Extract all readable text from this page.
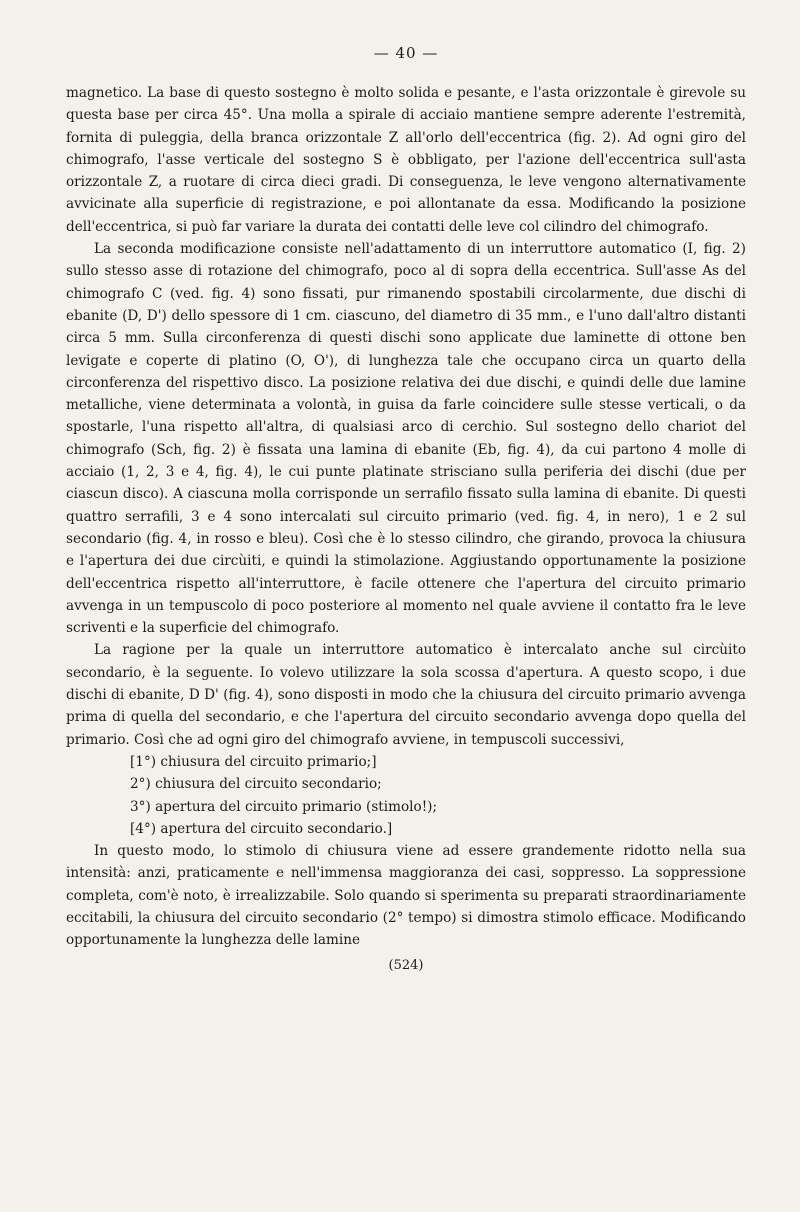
— 40 —

magnetico. La base di questo sostegno è molto solida e pesante, e l'asta orizzontale è girevole su questa base per circa 45°. Una molla a spirale di acciaio mantiene sempre aderente l'estremità, fornita di puleggia, della branca orizzontale Z all'orlo dell'eccentrica (fig. 2). Ad ogni giro del chimografo, l'asse verticale del sostegno S è obbligato, per l'azione dell'eccentrica sull'asta orizzontale Z, a ruotare di circa dieci gradi. Di conseguenza, le leve vengono alternativamente avvicinate alla superficie di registrazione, e poi allontanate da essa. Modificando la posizione dell'eccentrica, si può far variare la durata dei contatti delle leve col cilindro del chimografo.

La seconda modificazione consiste nell'adattamento di un interruttore automatico (I, fig. 2) sullo stesso asse di rotazione del chimografo, poco al di sopra della eccentrica. Sull'asse As del chimografo C (ved. fig. 4) sono fissati, pur rimanendo spostabili circolarmente, due dischi di ebanite (D, D') dello spessore di 1 cm. ciascuno, del diametro di 35 mm., e l'uno dall'altro distanti circa 5 mm. Sulla circonferenza di questi dischi sono applicate due laminette di ottone ben levigate e coperte di platino (O, O'), di lunghezza tale che occupano circa un quarto della circonferenza del rispettivo disco. La posizione relativa dei due dischi, e quindi delle due lamine metalliche, viene determinata a volontà, in guisa da farle coincidere sulle stesse verticali, o da spostarle, l'una rispetto all'altra, di qualsiasi arco di cerchio. Sul sostegno dello chariot del chimografo (Sch, fig. 2) è fissata una lamina di ebanite (Eb, fig. 4), da cui partono 4 molle di acciaio (1, 2, 3 e 4, fig. 4), le cui punte platinate strisciano sulla periferia dei dischi (due per ciascun disco). A ciascuna molla corrisponde un serrafilo fissato sulla lamina di ebanite. Di questi quattro serrafili, 3 e 4 sono intercalati sul circuito primario (ved. fig. 4, in nero), 1 e 2 sul secondario (fig. 4, in rosso e bleu). Così che è lo stesso cilindro, che girando, provoca la chiusura e l'apertura dei due circùiti, e quindi la stimolazione. Aggiustando opportunamente la posizione dell'eccentrica rispetto all'interruttore, è facile ottenere che l'apertura del circuito primario avvenga in un tempuscolo di poco posteriore al momento nel quale avviene il contatto fra le leve scriventi e la superficie del chimografo.

La ragione per la quale un interruttore automatico è intercalato anche sul circùito secondario, è la seguente. Io volevo utilizzare la sola scossa d'apertura. A questo scopo, i due dischi di ebanite, D D' (fig. 4), sono disposti in modo che la chiusura del circuito primario avvenga prima di quella del secondario, e che l'apertura del circuito secondario avvenga dopo quella del primario. Così che ad ogni giro del chimografo avviene, in tempuscoli successivi,

[1°) chiusura del circuito primario;]
2°) chiusura del circuito secondario;
3°) apertura del circuito primario (stimolo!);
[4°) apertura del circuito secondario.]

In questo modo, lo stimolo di chiusura viene ad essere grandemente ridotto nella sua intensità: anzi, praticamente e nell'immensa maggioranza dei casi, soppresso. La soppressione completa, com'è noto, è irrealizzabile. Solo quando si sperimenta su preparati straordinariamente eccitabili, la chiusura del circuito secondario (2° tempo) si dimostra stimolo efficace. Modificando opportunamente la lunghezza delle lamine

(524)
